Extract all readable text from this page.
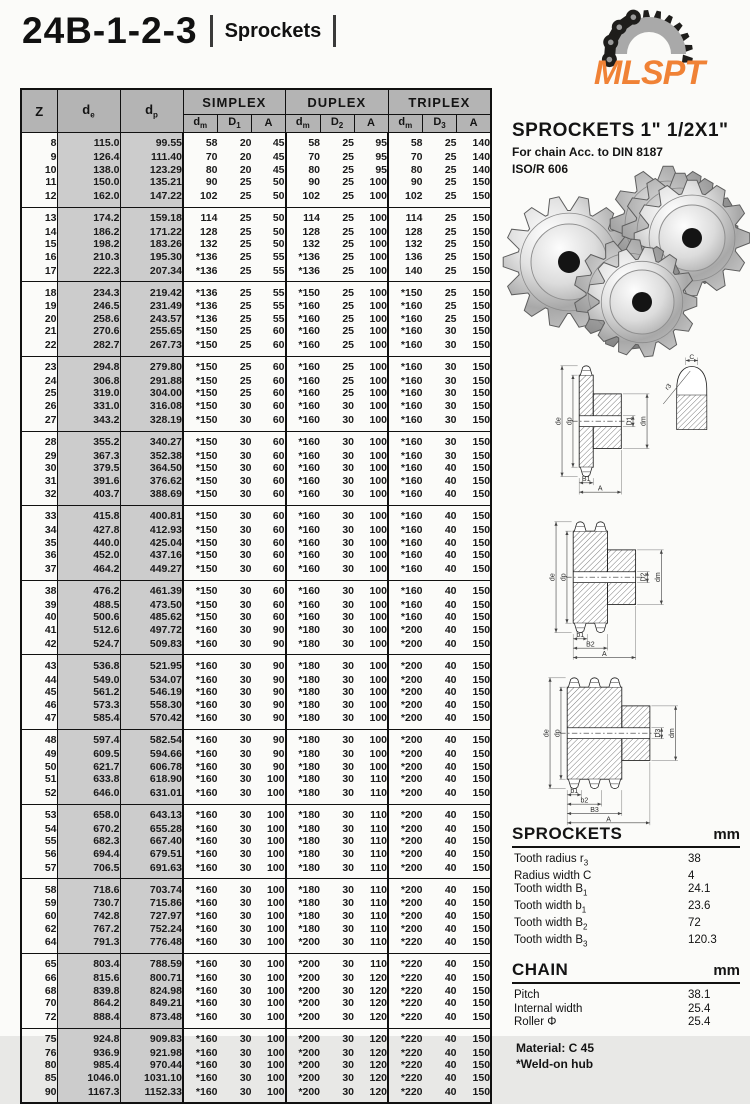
24B-1-2-3 Sprockets
MLSPT
Z	$d_e$	$d_p$	SIMPLEX			DUPLEX			TRIPLEX		
			$d_m$	$D_1$	A	$d_m$	$D_2$	A	$d_m$	$D_3$	A
8	115.0	99.55	58	20	45	58	25	95	58	25	140
9	126.4	111.40	70	20	45	70	25	95	70	25	140
10	138.0	123.29	80	20	45	80	25	95	80	25	140
11	150.0	135.21	90	25	50	90	25	100	90	25	150
12	162.0	147.22	102	25	50	102	25	100	102	25	150
13	174.2	159.18	114	25	50	114	25	100	114	25	150
14	186.2	171.22	128	25	50	128	25	100	128	25	150
15	198.2	183.26	132	25	50	132	25	100	132	25	150
16	210.3	195.30	*136	25	55	*136	25	100	136	25	150
17	222.3	207.34	*136	25	55	*136	25	100	140	25	150
18	234.3	219.42	*136	25	55	*150	25	100	*150	25	150
19	246.5	231.49	*136	25	55	*160	25	100	*160	25	150
20	258.6	243.57	*136	25	55	*160	25	100	*160	25	150
21	270.6	255.65	*150	25	60	*160	25	100	*160	30	150
22	282.7	267.73	*150	25	60	*160	25	100	*160	30	150
23	294.8	279.80	*150	25	60	*160	25	100	*160	30	150
24	306.8	291.88	*150	25	60	*160	25	100	*160	30	150
25	319.0	304.00	*150	25	60	*160	25	100	*160	30	150
26	331.0	316.08	*150	30	60	*160	30	100	*160	30	150
27	343.2	328.19	*150	30	60	*160	30	100	*160	30	150
28	355.2	340.27	*150	30	60	*160	30	100	*160	30	150
29	367.3	352.38	*150	30	60	*160	30	100	*160	30	150
30	379.5	364.50	*150	30	60	*160	30	100	*160	40	150
31	391.6	376.62	*150	30	60	*160	30	100	*160	40	150
32	403.7	388.69	*150	30	60	*160	30	100	*160	40	150
33	415.8	400.81	*150	30	60	*160	30	100	*160	40	150
34	427.8	412.93	*150	30	60	*160	30	100	*160	40	150
35	440.0	425.04	*150	30	60	*160	30	100	*160	40	150
36	452.0	437.16	*150	30	60	*160	30	100	*160	40	150
37	464.2	449.27	*150	30	60	*160	30	100	*160	40	150
38	476.2	461.39	*150	30	60	*160	30	100	*160	40	150
39	488.5	473.50	*150	30	60	*160	30	100	*160	40	150
40	500.6	485.62	*150	30	60	*160	30	100	*160	40	150
41	512.6	497.72	*160	30	90	*180	30	100	*200	40	150
42	524.7	509.83	*160	30	90	*180	30	100	*200	40	150
43	536.8	521.95	*160	30	90	*180	30	100	*200	40	150
44	549.0	534.07	*160	30	90	*180	30	100	*200	40	150
45	561.2	546.19	*160	30	90	*180	30	100	*200	40	150
46	573.3	558.30	*160	30	90	*180	30	100	*200	40	150
47	585.4	570.42	*160	30	90	*180	30	100	*200	40	150
48	597.4	582.54	*160	30	90	*180	30	100	*200	40	150
49	609.5	594.66	*160	30	90	*180	30	100	*200	40	150
50	621.7	606.78	*160	30	90	*180	30	100	*200	40	150
51	633.8	618.90	*160	30	100	*180	30	110	*200	40	150
52	646.0	631.01	*160	30	100	*180	30	110	*200	40	150
53	658.0	643.13	*160	30	100	*180	30	110	*200	40	150
54	670.2	655.28	*160	30	100	*180	30	110	*200	40	150
55	682.3	667.40	*160	30	100	*180	30	110	*200	40	150
56	694.4	679.51	*160	30	100	*180	30	110	*200	40	150
57	706.5	691.63	*160	30	100	*180	30	110	*200	40	150
58	718.6	703.74	*160	30	100	*180	30	110	*200	40	150
59	730.7	715.86	*160	30	100	*180	30	110	*200	40	150
60	742.8	727.97	*160	30	100	*180	30	110	*200	40	150
62	767.2	752.24	*160	30	100	*180	30	110	*200	40	150
64	791.3	776.48	*160	30	100	*200	30	110	*220	40	150
65	803.4	788.59	*160	30	100	*200	30	110	*220	40	150
66	815.6	800.71	*160	30	100	*200	30	120	*220	40	150
68	839.8	824.98	*160	30	100	*200	30	120	*220	40	150
70	864.2	849.21	*160	30	100	*200	30	120	*220	40	150
72	888.4	873.48	*160	30	100	*200	30	120	*220	40	150
75	924.8	909.83	*160	30	100	*200	30	120	*220	40	150
76	936.9	921.98	*160	30	100	*200	30	120	*220	40	150
80	985.4	970.44	*160	30	100	*200	30	120	*220	40	150
85	1046.0	1031.10	*160	30	100	*200	30	120	*220	40	150
90	1167.3	1152.33	*160	30	100	*200	30	120	*220	40	150
SPROCKETS 1" 1/2X1"
For chain Acc. to DIN 8187
ISO/R 606
de dp	D1 dm
B1
A
C
r3
de dp	D2 dm
b1
B2
A
de dp	D3 dm
b1
b2
B3
A
SPROCKETS	mm
Tooth radius $r_3$	38
Radius width C	4
Tooth width $B_1$	24.1
Tooth width $b_1$	23.6
Tooth width $B_2$	72
Tooth width $B_3$	120.3
CHAIN	mm
Pitch	38.1
Internal width	25.4
Roller Φ	25.4
Material: C 45
*Weld-on hub
